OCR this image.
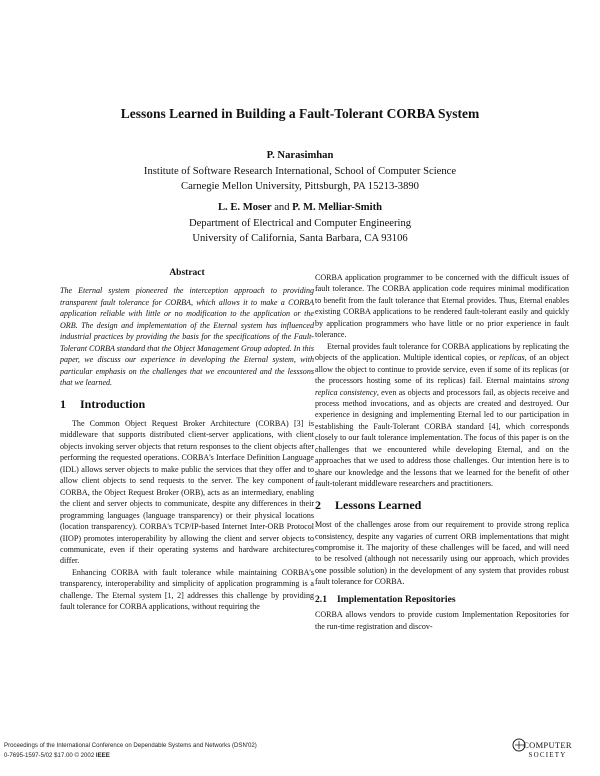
Lessons Learned in Building a Fault-Tolerant CORBA System
P. Narasimhan
Institute of Software Research International, School of Computer Science
Carnegie Mellon University, Pittsburgh, PA 15213-3890
L. E. Moser and P. M. Melliar-Smith
Department of Electrical and Computer Engineering
University of California, Santa Barbara, CA 93106
Abstract

The Eternal system pioneered the interception approach to providing transparent fault tolerance for CORBA, which allows it to make a CORBA application reliable with little or no modification to the application or the ORB. The design and implementation of the Eternal system has influenced industrial practices by providing the basis for the specifications of the Fault-Tolerant CORBA standard that the Object Management Group adopted. In this paper, we discuss our experience in developing the Eternal system, with particular emphasis on the challenges that we encountered and the lesssons that we learned.

1 Introduction

The Common Object Request Broker Architecture (CORBA) [3] is middleware that supports distributed client-server applications, with client objects invoking server objects that return responses to the client objects after performing the requested operations. CORBA's Interface Definition Language (IDL) allows server objects to make public the services that they offer and to allow client objects to send requests to the server. The key component of CORBA, the Object Request Broker (ORB), acts as an intermediary, enabling the client and server objects to communicate, despite any differences in their programming languages (language transparency) or their physical locations (location transparency). CORBA's TCP/IP-based Internet Inter-ORB Protocol (IIOP) promotes interoperability by allowing the client and server objects to communicate, even if their operating systems and hardware architectures differ.

Enhancing CORBA with fault tolerance while maintaining CORBA's transparency, interoperability and simplicity of application programming is a challenge. The Eternal system [1, 2] addresses this challenge by providing fault tolerance for CORBA applications, without requiring the

CORBA application programmer to be concerned with the difficult issues of fault tolerance. The CORBA application code requires minimal modification to benefit from the fault tolerance that Eternal provides. Thus, Eternal enables existing CORBA applications to be rendered fault-tolerant easily and quickly by application programmers who have little or no prior experience in fault tolerance.

Eternal provides fault tolerance for CORBA applications by replicating the objects of the application. Multiple identical copies, or replicas, of an object allow the object to continue to provide service, even if some of its replicas (or the processors hosting some of its replicas) fail. Eternal maintains strong replica consistency, even as objects and processors fail, as objects receive and process method invocations, and as objects are created and destroyed. Our experience in designing and implementing Eternal led to our participation in establishing the Fault-Tolerant CORBA standard [4], which corresponds closely to our fault tolerance implementation. The focus of this paper is on the challenges that we encountered while developing Eternal, and on the approaches that we used to address those challenges. Our intention here is to share our knowledge and the lessons that we learned for the benefit of other fault-tolerant middleware researchers and practitioners.

2 Lessons Learned

Most of the challenges arose from our requirement to provide strong replica consistency, despite any vagaries of current ORB implementations that might compromise it. The majority of these challenges will be faced, and will need to be resolved (although not necessarily using our approach, which provides one possible solution) in the development of any system that provides robust fault tolerance for CORBA.

2.1 Implementation Repositories

CORBA allows vendors to provide custom Implementation Repositories for the run-time registration and discov-

Proceedings of the International Conference on Dependable Systems and Networks (DSN'02)
0-7695-1597-5/02 $17.00 © 2002 IEEE
COMPUTER
SOCIETY
